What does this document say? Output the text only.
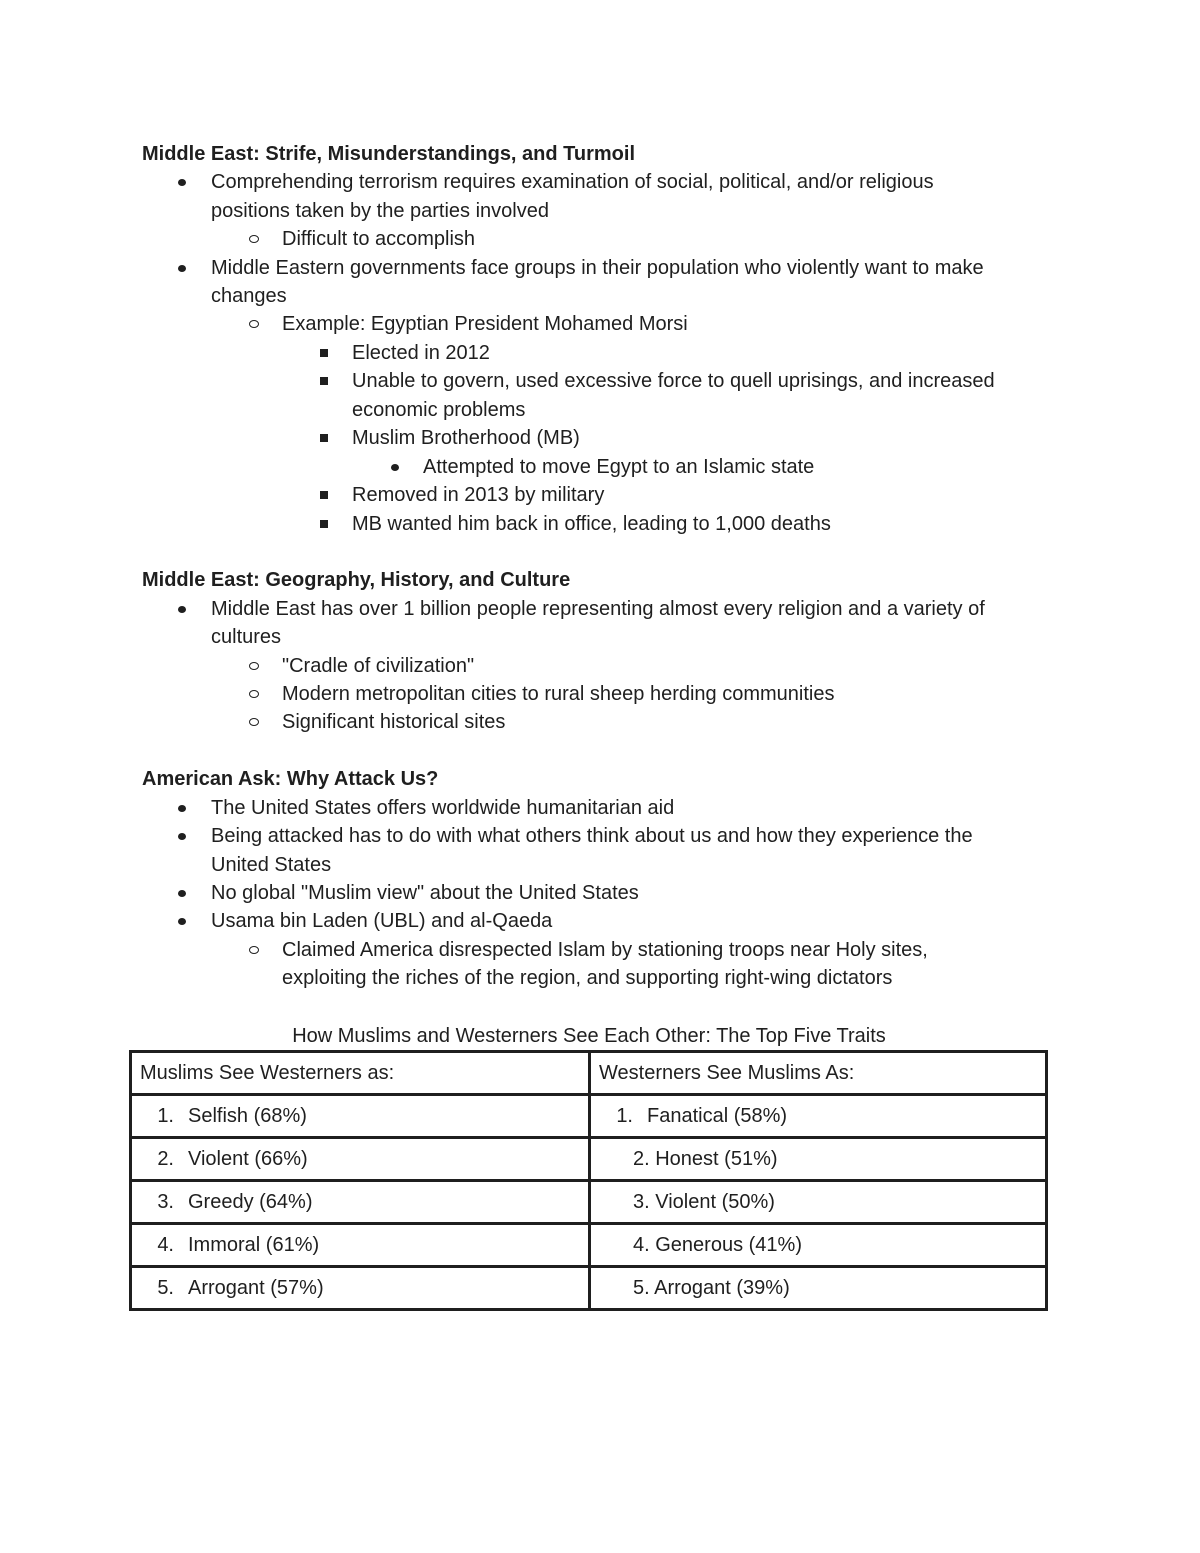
Middle East: Strife, Misunderstandings, and Turmoil
Comprehending terrorism requires examination of social, political, and/or religious
positions taken by the parties involved
Difficult to accomplish
Middle Eastern governments face groups in their population who violently want to make
changes
Example: Egyptian President Mohamed Morsi
Elected in 2012
Unable to govern, used excessive force to quell uprisings, and increased
economic problems
Muslim Brotherhood (MB)
Attempted to move Egypt to an Islamic state
Removed in 2013 by military
MB wanted him back in office, leading to 1,000 deaths
Middle East: Geography, History, and Culture
Middle East has over 1 billion people representing almost every religion and a variety of
cultures
"Cradle of civilization"
Modern metropolitan cities to rural sheep herding communities
Significant historical sites
American Ask: Why Attack Us?
The United States offers worldwide humanitarian aid
Being attacked has to do with what others think about us and how they experience the
United States
No global "Muslim view" about the United States
Usama bin Laden (UBL) and al-Qaeda
Claimed America disrespected Islam by stationing troops near Holy sites,
exploiting the riches of the region, and supporting right-wing dictators
How Muslims and Westerners See Each Other: The Top Five Traits
Muslims See Westerners as:	Westerners See Muslims As:
1. Selfish (68%)	1. Fanatical (58%)
2. Violent (66%)	2. Honest (51%)
3. Greedy (64%)	3. Violent (50%)
4. Immoral (61%)	4. Generous (41%)
5. Arrogant (57%)	5. Arrogant (39%)
